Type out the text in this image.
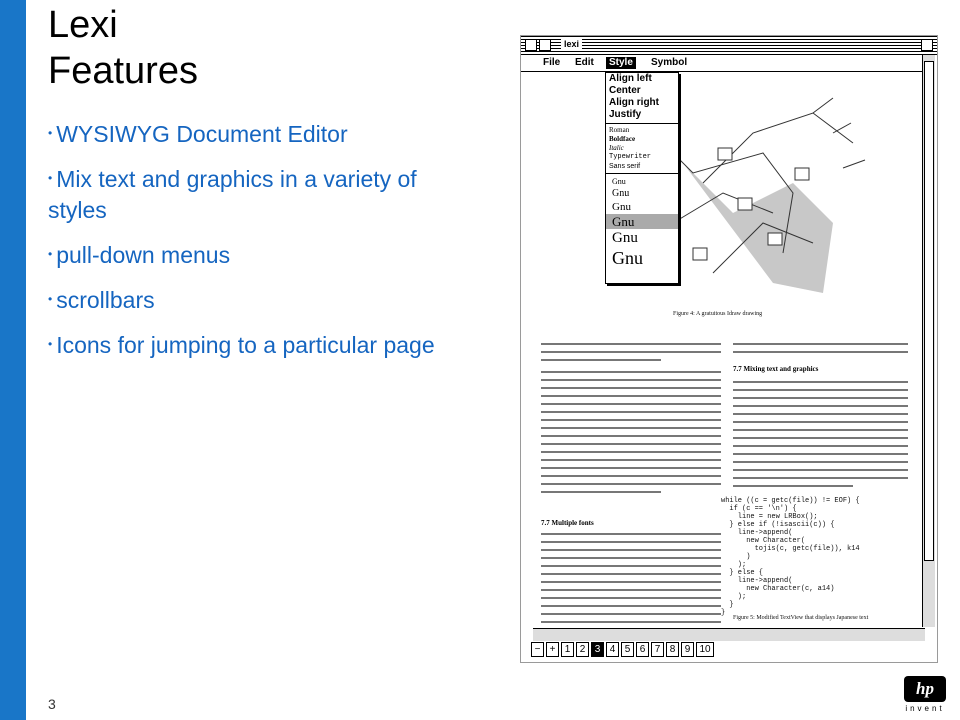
Lexi
Features
• WYSIWYG Document Editor
• Mix text and graphics in a variety of styles
• pull-down menus
• scrollbars
• Icons for jumping to a particular page
3
hp
invent
lexi
File Edit	Style	Symbol
Figure 4: A gratuitous Idraw drawing
7.7 Mixing text and graphics
7.7 Multiple fonts
while ((c = getc(file)) != EOF) {
if (c == '\n') {
line = new LRBox();
} else if (!isascii(c)) {
line->append(
new Character(
tojis(c, getc(file)), k14
)
);
} else {
line->append(
new Character(c, a14)
);
}
}
Figure 5: Modified TextView that displays Japanese text
Align left
Center
Align right
Justify
Roman
Boldface
Italic
Typewriter
Sans serif
Gnu
Gnu
Gnu
Gnu
Gnu
Gnu
− + 1 2 3 4 5 6 7 8 9 10
